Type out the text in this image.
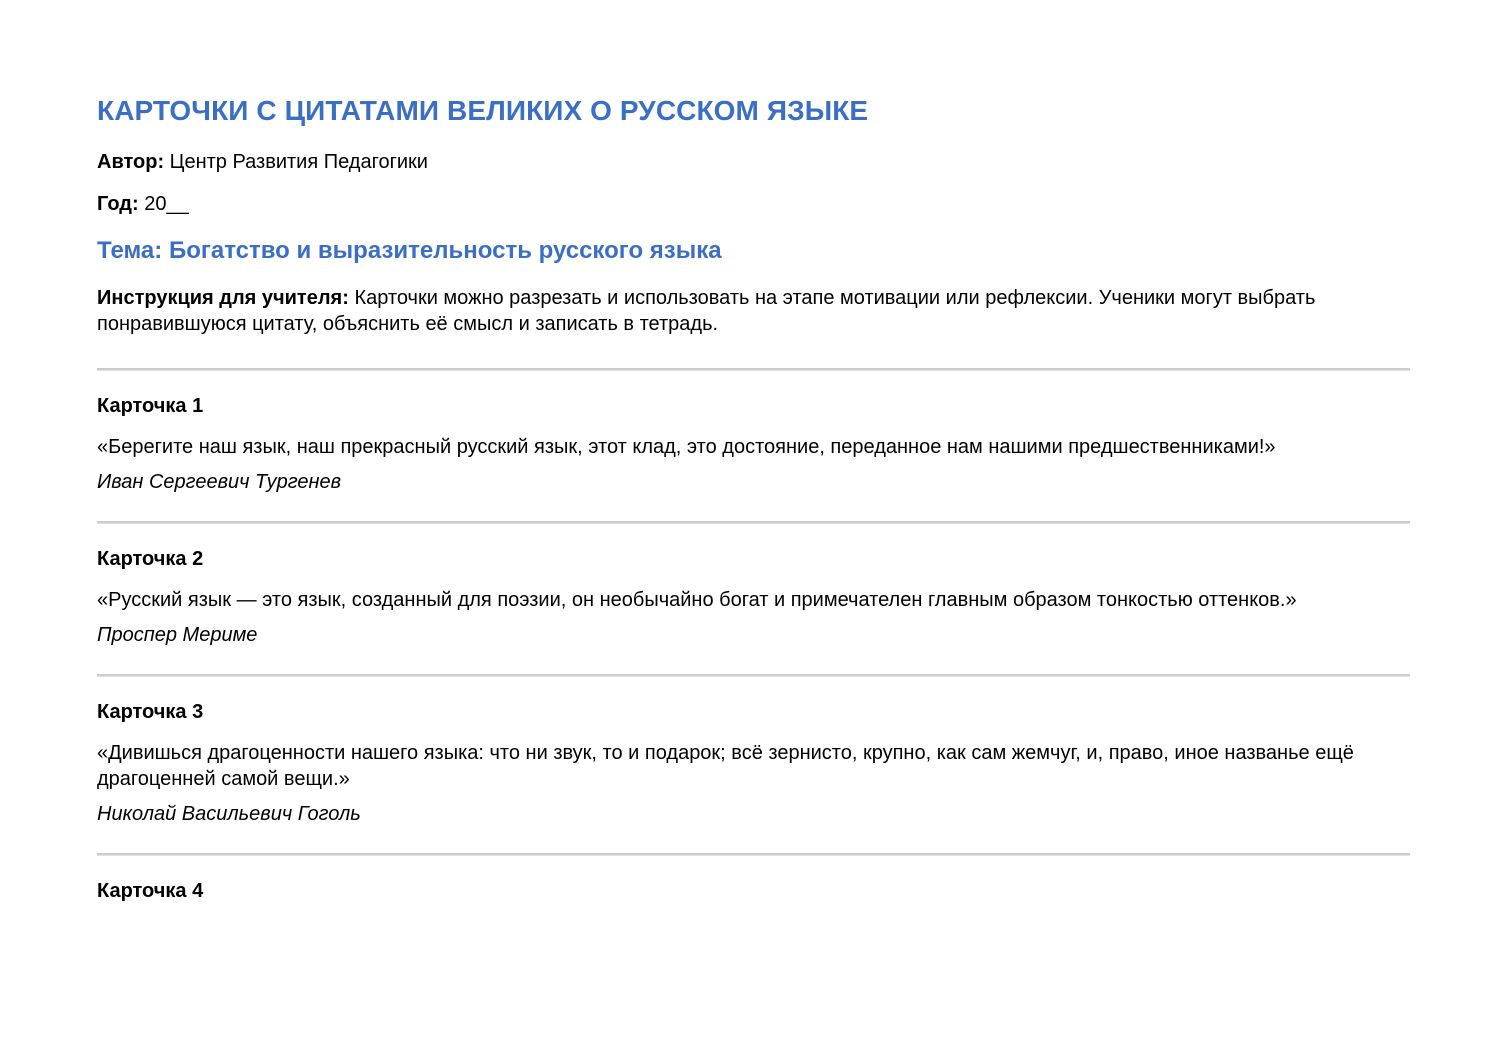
КАРТОЧКИ С ЦИТАТАМИ ВЕЛИКИХ О РУССКОМ ЯЗЫКЕ

Автор: Центр Развития Педагогики

Год: 20__

Тема: Богатство и выразительность русского языка

Инструкция для учителя: Карточки можно разрезать и использовать на этапе мотивации или рефлексии. Ученики могут выбрать понравившуюся цитату, объяснить её смысл и записать в тетрадь.

Карточка 1

«Берегите наш язык, наш прекрасный русский язык, этот клад, это достояние, переданное нам нашими предшественниками!»

Иван Сергеевич Тургенев

Карточка 2

«Русский язык — это язык, созданный для поэзии, он необычайно богат и примечателен главным образом тонкостью оттенков.»

Проспер Мериме

Карточка 3

«Дивишься драгоценности нашего языка: что ни звук, то и подарок; всё зернисто, крупно, как сам жемчуг, и, право, иное названье ещё драгоценней самой вещи.»

Николай Васильевич Гоголь

Карточка 4
